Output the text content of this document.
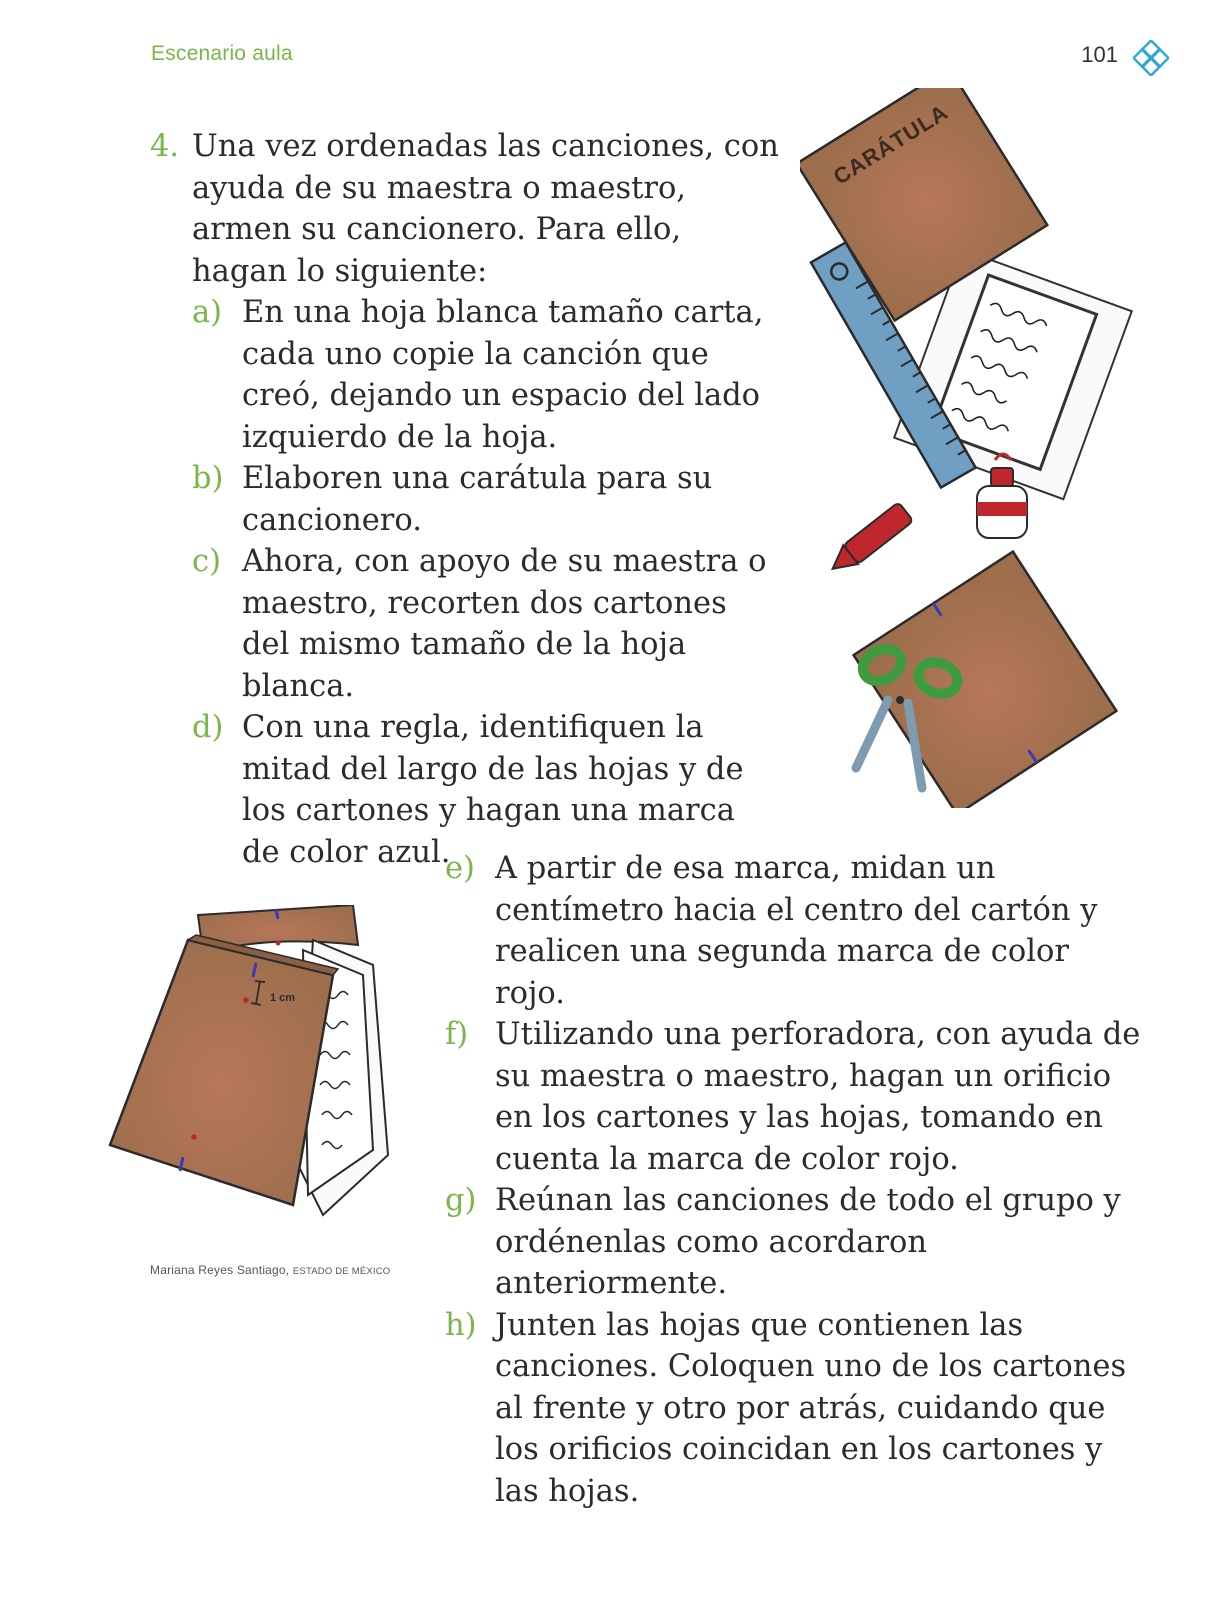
Escenario aula	101
4. Una vez ordenadas las canciones, con ayuda de su maestra o maestro, armen su cancionero. Para ello, hagan lo siguiente:
a) En una hoja blanca tamaño carta, cada uno copie la canción que creó, dejando un espacio del lado izquierdo de la hoja.
b) Elaboren una carátula para su cancionero.
c) Ahora, con apoyo de su maestra o maestro, recorten dos cartones del mismo tamaño de la hoja blanca.
d) Con una regla, identifiquen la mitad del largo de las hojas y de los cartones y hagan una marca de color azul.
e) A partir de esa marca, midan un centímetro hacia el centro del cartón y realicen una segunda marca de color rojo.
f) Utilizando una perforadora, con ayuda de su maestra o maestro, hagan un orificio en los cartones y las hojas, tomando en cuenta la marca de color rojo.
g) Reúnan las canciones de todo el grupo y ordénenlas como acordaron anteriormente.
h) Junten las hojas que contienen las canciones. Coloquen uno de los cartones al frente y otro por atrás, cuidando que los orificios coincidan en los cartones y las hojas.
CARÁTULA
1 cm
Mariana Reyes Santiago, ESTADO DE MÉXICO
